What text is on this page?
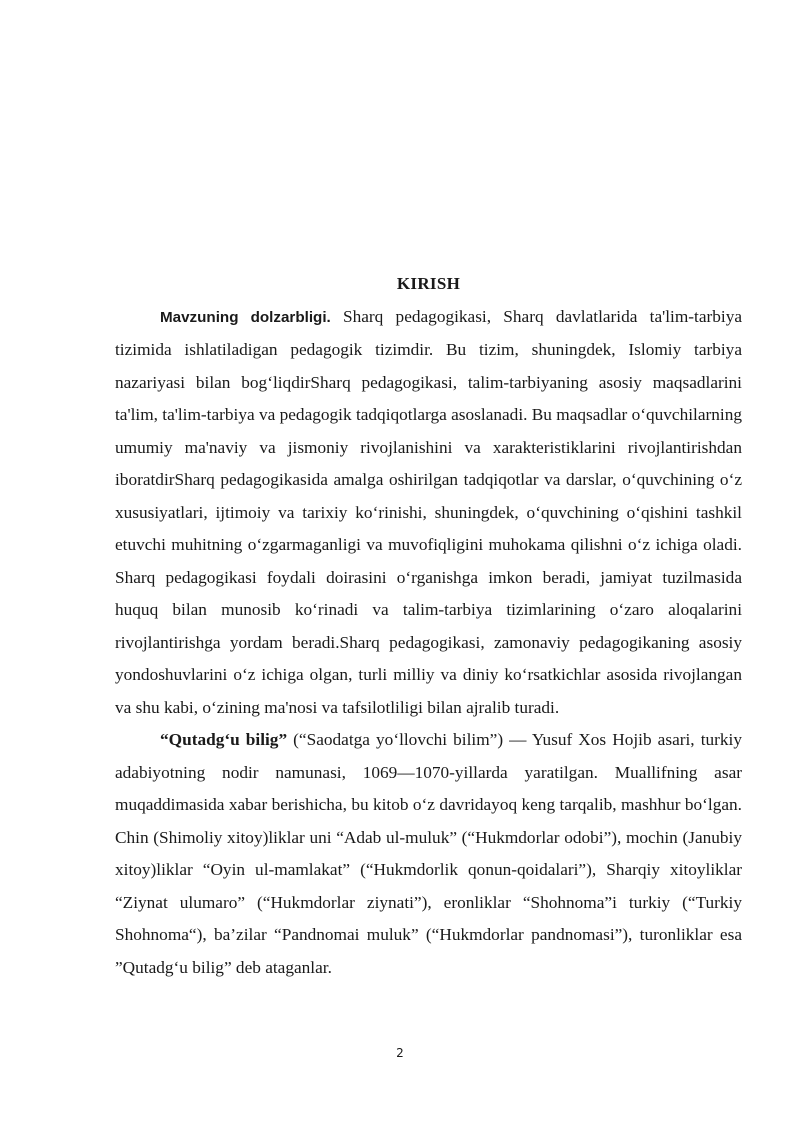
KIRISH

Mavzuning dolzarbligi. Sharq pedagogikasi, Sharq davlatlarida ta'lim-tarbiya tizimida ishlatiladigan pedagogik tizimdir. Bu tizim, shuningdek, Islomiy tarbiya nazariyasi bilan bog‘liqdirSharq pedagogikasi, talim-tarbiyaning asosiy maqsadlarini ta'lim, ta'lim-tarbiya va pedagogik tadqiqotlarga asoslanadi. Bu maqsadlar o‘quvchilarning umumiy ma'naviy va jismoniy rivojlanishini va xarakteristiklarini rivojlantirishdan iboratdirSharq pedagogikasida amalga oshirilgan tadqiqotlar va darslar, o‘quvchining o‘z xususiyatlari, ijtimoiy va tarixiy ko‘rinishi, shuningdek, o‘quvchining o‘qishini tashkil etuvchi muhitning o‘zgarmaganligi va muvofiqligini muhokama qilishni o‘z ichiga oladi. Sharq pedagogikasi foydali doirasini o‘rganishga imkon beradi, jamiyat tuzilmasida huquq bilan munosib ko‘rinadi va talim-tarbiya tizimlarining o‘zaro aloqalarini rivojlantirishga yordam beradi.Sharq pedagogikasi, zamonaviy pedagogikaning asosiy yondoshuvlarini o‘z ichiga olgan, turli milliy va diniy ko‘rsatkichlar asosida rivojlangan va shu kabi, o‘zining ma'nosi va tafsilotliligi bilan ajralib turadi.

“Qutadg‘u bilig” (“Saodatga yo‘llovchi bilim”) — Yusuf Xos Hojib asari, turkiy adabiyotning nodir namunasi, 1069—1070-yillarda yaratilgan. Muallifning asar muqaddimasida xabar berishicha, bu kitob o‘z davridayoq keng tarqalib, mashhur bo‘lgan. Chin (Shimoliy xitoy)liklar uni “Adab ul-muluk” (“Hukmdorlar odobi”), mochin (Janubiy xitoy)liklar “Oyin ul-mamlakat” (“Hukmdorlik qonun-qoidalari”), Sharqiy xitoyliklar “Ziynat ulumaro” (“Hukmdorlar ziynati”), eronliklar “Shohnoma”i turkiy (“Turkiy Shohnoma“), ba’zilar “Pandnomai muluk” (“Hukmdorlar pandnomasi”), turonliklar esa ”Qutadg‘u bilig” deb ataganlar.

2
